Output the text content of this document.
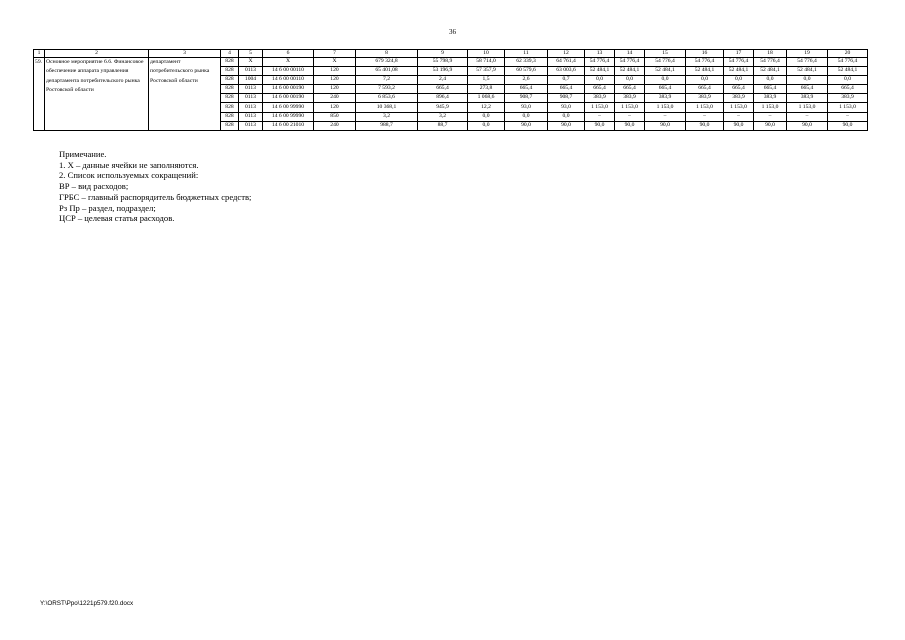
36
1	2	3	4	5	6	7	8	9	10	11	12	13	14	15	16	17	18	19	20
59.	Основное мероприятие 6.6. Финансовое обеспечение аппарата управления департамента потребительского рынка Ростовской области	департамент потребительского рынка Ростовской области	828	X	X	X	679 324,8	55 798,9	58 714,0	62 339,3	64 761,4	54 776,4	54 776,4	54 776,4	54 776,4	54 776,4	54 776,4	54 776,4	54 776,4
			828	0113	14 6 00 00110	120	65 401,08	53 196,9	57 357,9	60 579,6	63 003,6	52 484,1	52 484,1	52 484,1	52 484,1	52 484,1	52 484,1	52 484,1	52 484,1
			828	1004	14 6 00 00110	120	7,2	2,4	1,5	2,6	0,7	0,0	0,0	0,0	0,0	0,0	0,0	0,0	0,0
			828	0113	14 6 00 00190	120	7 593,2	665,4	273,8	665,4	665,4	665,4	665,4	665,4	665,4	665,4	665,4	665,4	665,4
			828	0113	14 6 00 00190	240	6 853,6	896,4	1 068,6	908,7	908,7	383,9	383,9	383,9	383,9	383,9	383,9	383,9	383,9
			828	0113	14 6 00 99990	120	10 368,1	945,9	12,2	93,0	93,0	1 153,0	1 153,0	1 153,0	1 153,0	1 153,0	1 153,0	1 153,0	1 153,0
			828	0113	14 6 00 99990	850	3,2	3,2	0,0	0,0	0,0	–	–	–	–	–	–	–	–
			828	0113	14 6 00 21010	240	988,7	88,7	0,0	90,0	90,0	90,0	90,0	90,0	90,0	90,0	90,0	90,0	90,0
Примечание.
1. Х – данные ячейки не заполняются.
2. Список используемых сокращений:
ВР – вид расходов;
ГРБС – главный распорядитель бюджетных средств;
Рз Пр – раздел, подраздел;
ЦСР – целевая статья расходов.
Y:\ORST\Ppo\1221p579.f20.docx
